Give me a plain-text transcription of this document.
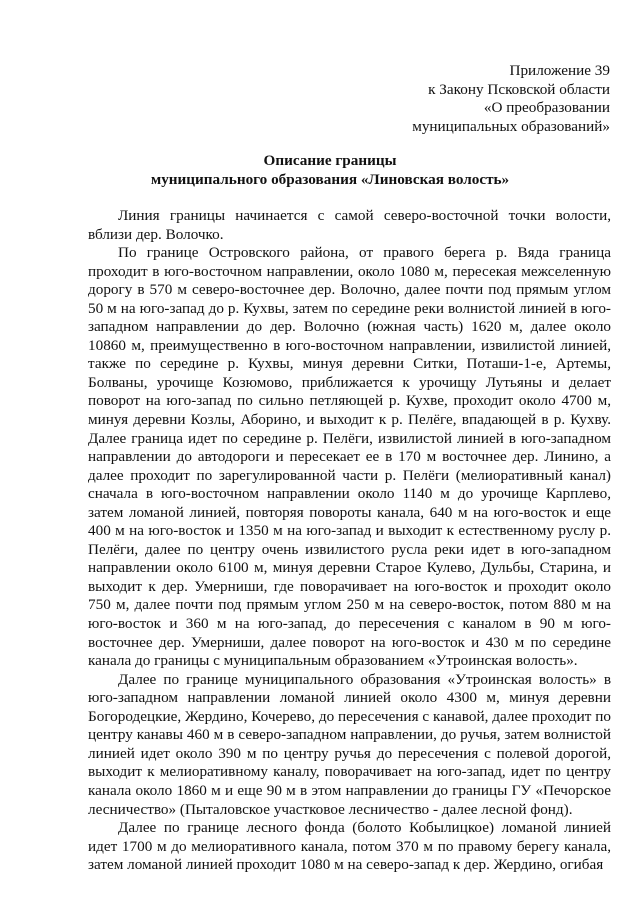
Приложение 39
к Закону Псковской области
«О преобразовании
муниципальных образований»
Описание границы
муниципального образования «Линовская волость»

Линия границы начинается с самой северо-восточной точки волости, вблизи дер. Волочко.

По границе Островского района, от правого берега р. Вяда граница проходит в юго-восточном направлении, около 1080 м, пересекая межселенную дорогу в 570 м северо-восточнее дер. Волочно, далее почти под прямым углом 50 м на юго-запад до р. Кухвы, затем по середине реки волнистой линией в юго-западном направлении до дер. Волочно (южная часть) 1620 м, далее около 10860 м, преимущественно в юго-восточном направлении, извилистой линией, также по середине р. Кухвы, минуя деревни Ситки, Поташи-1-е, Артемы, Болваны, урочище Козюмово, приближается к урочищу Лутьяны и делает поворот на юго-запад по сильно петляющей р. Кухве, проходит около 4700 м, минуя деревни Козлы, Аборино, и выходит к р. Пелёге, впадающей в р. Кухву. Далее граница идет по середине р. Пелёги, извилистой линией в юго-западном направлении до автодороги и пересекает ее в 170 м восточнее дер. Линино, а далее проходит по зарегулированной части р. Пелёги (мелиоративный канал) сначала в юго-восточном направлении около 1140 м до урочище Карплево, затем ломаной линией, повторяя повороты канала, 640 м на юго-восток и еще 400 м на юго-восток и 1350 м на юго-запад и выходит к естественному руслу р. Пелёги, далее по центру очень извилистого русла реки идет в юго-западном направлении около 6100 м, минуя деревни Старое Кулево, Дульбы, Старина, и выходит к дер. Умерниши, где поворачивает на юго-восток и проходит около 750 м, далее почти под прямым углом 250 м на северо-восток, потом 880 м на юго-восток и 360 м на юго-запад, до пересечения с каналом в 90 м юго-восточнее дер. Умерниши, далее поворот на юго-восток и 430 м по середине канала до границы с муниципальным образованием «Утроинская волость».

Далее по границе муниципального образования «Утроинская волость» в юго-западном направлении ломаной линией около 4300 м, минуя деревни Богородецкие, Жердино, Кочерево, до пересечения с канавой, далее проходит по центру канавы 460 м в северо-западном направлении, до ручья, затем волнистой линией идет около 390 м по центру ручья до пересечения с полевой дорогой, выходит к мелиоративному каналу, поворачивает на юго-запад, идет по центру канала около 1860 м и еще 90 м в этом направлении до границы ГУ «Печорское лесничество» (Пыталовское участковое лесничество - далее лесной фонд).

Далее по границе лесного фонда (болото Кобылицкое) ломаной линией идет 1700 м до мелиоративного канала, потом 370 м по правому берегу канала, затем ломаной линией проходит 1080 м на северо-запад к дер. Жердино, огибая
